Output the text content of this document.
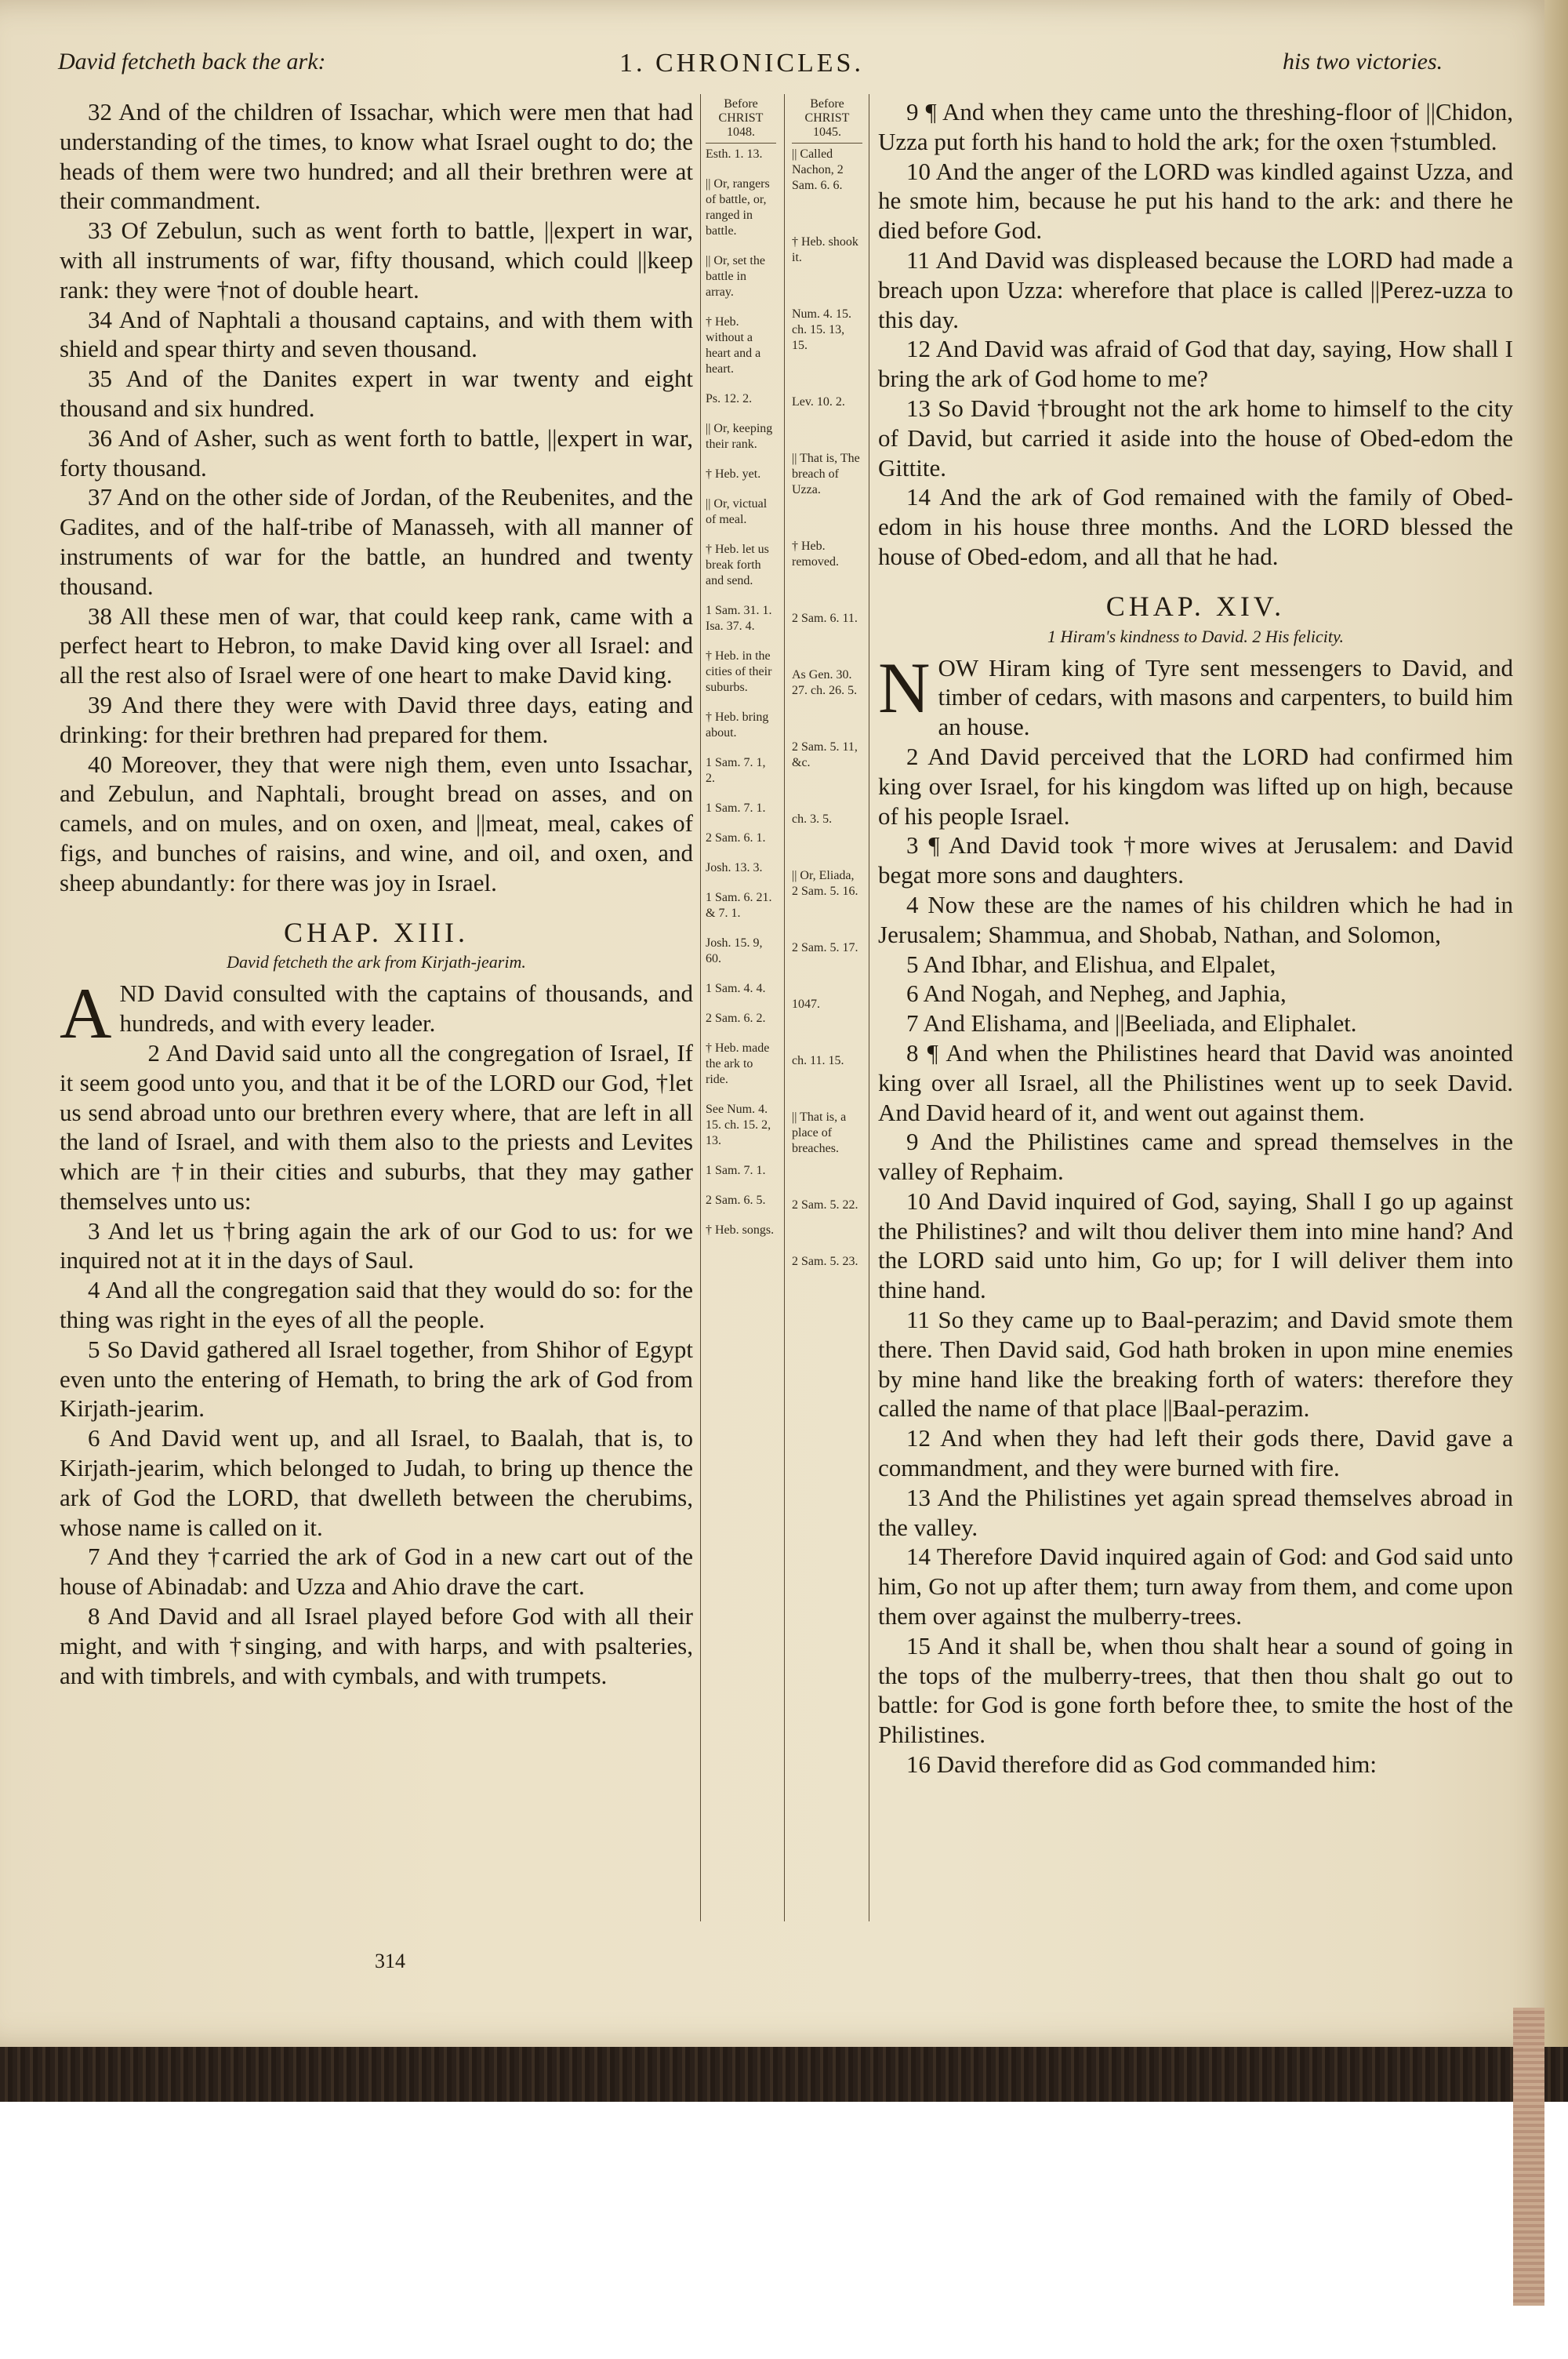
David fetcheth back the ark:	1. CHRONICLES.	his two victories.

32 And of the children of Issachar, which were men that had understanding of the times, to know what Israel ought to do; the heads of them were two hundred; and all their brethren were at their commandment.

33 Of Zebulun, such as went forth to battle, ||expert in war, with all instruments of war, fifty thousand, which could ||keep rank: they were †not of double heart.

34 And of Naphtali a thousand captains, and with them with shield and spear thirty and seven thousand.

35 And of the Danites expert in war twenty and eight thousand and six hundred.

36 And of Asher, such as went forth to battle, ||expert in war, forty thousand.

37 And on the other side of Jordan, of the Reubenites, and the Gadites, and of the half-tribe of Manasseh, with all manner of instruments of war for the battle, an hundred and twenty thousand.

38 All these men of war, that could keep rank, came with a perfect heart to Hebron, to make David king over all Israel: and all the rest also of Israel were of one heart to make David king.

39 And there they were with David three days, eating and drinking: for their brethren had prepared for them.

40 Moreover, they that were nigh them, even unto Issachar, and Zebulun, and Naphtali, brought bread on asses, and on camels, and on mules, and on oxen, and ||meat, meal, cakes of figs, and bunches of raisins, and wine, and oil, and oxen, and sheep abundantly: for there was joy in Israel.

CHAP. XIII.
David fetcheth the ark from Kirjath-jearim.
A ND David consulted with the captains of thousands, and hundreds, and with every leader.

2 And David said unto all the congregation of Israel, If it seem good unto you, and that it be of the LORD our God, †let us send abroad unto our brethren every where, that are left in all the land of Israel, and with them also to the priests and Levites which are †in their cities and suburbs, that they may gather themselves unto us:

3 And let us †bring again the ark of our God to us: for we inquired not at it in the days of Saul.

4 And all the congregation said that they would do so: for the thing was right in the eyes of all the people.

5 So David gathered all Israel together, from Shihor of Egypt even unto the entering of Hemath, to bring the ark of God from Kirjath-jearim.

6 And David went up, and all Israel, to Baalah, that is, to Kirjath-jearim, which belonged to Judah, to bring up thence the ark of God the LORD, that dwelleth between the cherubims, whose name is called on it.

7 And they †carried the ark of God in a new cart out of the house of Abinadab: and Uzza and Ahio drave the cart.

8 And David and all Israel played before God with all their might, and with †singing, and with harps, and with psalteries, and with timbrels, and with cymbals, and with trumpets.

Before CHRIST 1048.
Esth. 1. 13.
|| Or, rangers of battle, or, ranged in battle.
|| Or, set the battle in array.
† Heb. without a heart and a heart.
Ps. 12. 2.
|| Or, keeping their rank.
† Heb. yet.
|| Or, victual of meal.
† Heb. let us break forth and send.
1 Sam. 31. 1. Isa. 37. 4.
† Heb. in the cities of their suburbs.
† Heb. bring about.
1 Sam. 7. 1, 2.
1 Sam. 7. 1.
2 Sam. 6. 1.
Josh. 13. 3.
1 Sam. 6. 21. & 7. 1.
Josh. 15. 9, 60.
1 Sam. 4. 4.
2 Sam. 6. 2.
† Heb. made the ark to ride.
See Num. 4. 15. ch. 15. 2, 13.
1 Sam. 7. 1.
2 Sam. 6. 5.
† Heb. songs.
Before CHRIST 1045.
|| Called Nachon, 2 Sam. 6. 6.
† Heb. shook it.
Num. 4. 15. ch. 15. 13, 15.
Lev. 10. 2.
|| That is, The breach of Uzza.
† Heb. removed.
2 Sam. 6. 11.
As Gen. 30. 27. ch. 26. 5.
2 Sam. 5. 11, &c.
ch. 3. 5.
|| Or, Eliada, 2 Sam. 5. 16.
2 Sam. 5. 17.
1047.
ch. 11. 15.
|| That is, a place of breaches.
2 Sam. 5. 22.
2 Sam. 5. 23.

9 ¶ And when they came unto the threshing-floor of ||Chidon, Uzza put forth his hand to hold the ark; for the oxen †stumbled.

10 And the anger of the LORD was kindled against Uzza, and he smote him, because he put his hand to the ark: and there he died before God.

11 And David was displeased because the LORD had made a breach upon Uzza: wherefore that place is called ||Perez-uzza to this day.

12 And David was afraid of God that day, saying, How shall I bring the ark of God home to me?

13 So David †brought not the ark home to himself to the city of David, but carried it aside into the house of Obed-edom the Gittite.

14 And the ark of God remained with the family of Obed-edom in his house three months. And the LORD blessed the house of Obed-edom, and all that he had.

CHAP. XIV.
1 Hiram's kindness to David. 2 His felicity.
N OW Hiram king of Tyre sent messengers to David, and timber of cedars, with masons and carpenters, to build him an house.

2 And David perceived that the LORD had confirmed him king over Israel, for his kingdom was lifted up on high, because of his people Israel.

3 ¶ And David took †more wives at Jerusalem: and David begat more sons and daughters.

4 Now these are the names of his children which he had in Jerusalem; Shammua, and Shobab, Nathan, and Solomon,

5 And Ibhar, and Elishua, and Elpalet,

6 And Nogah, and Nepheg, and Japhia,

7 And Elishama, and ||Beeliada, and Eliphalet.

8 ¶ And when the Philistines heard that David was anointed king over all Israel, all the Philistines went up to seek David. And David heard of it, and went out against them.

9 And the Philistines came and spread themselves in the valley of Rephaim.

10 And David inquired of God, saying, Shall I go up against the Philistines? and wilt thou deliver them into mine hand? And the LORD said unto him, Go up; for I will deliver them into thine hand.

11 So they came up to Baal-perazim; and David smote them there. Then David said, God hath broken in upon mine enemies by mine hand like the breaking forth of waters: therefore they called the name of that place ||Baal-perazim.

12 And when they had left their gods there, David gave a commandment, and they were burned with fire.

13 And the Philistines yet again spread themselves abroad in the valley.

14 Therefore David inquired again of God: and God said unto him, Go not up after them; turn away from them, and come upon them over against the mulberry-trees.

15 And it shall be, when thou shalt hear a sound of going in the tops of the mulberry-trees, that then thou shalt go out to battle: for God is gone forth before thee, to smite the host of the Philistines.

16 David therefore did as God commanded him:

314
